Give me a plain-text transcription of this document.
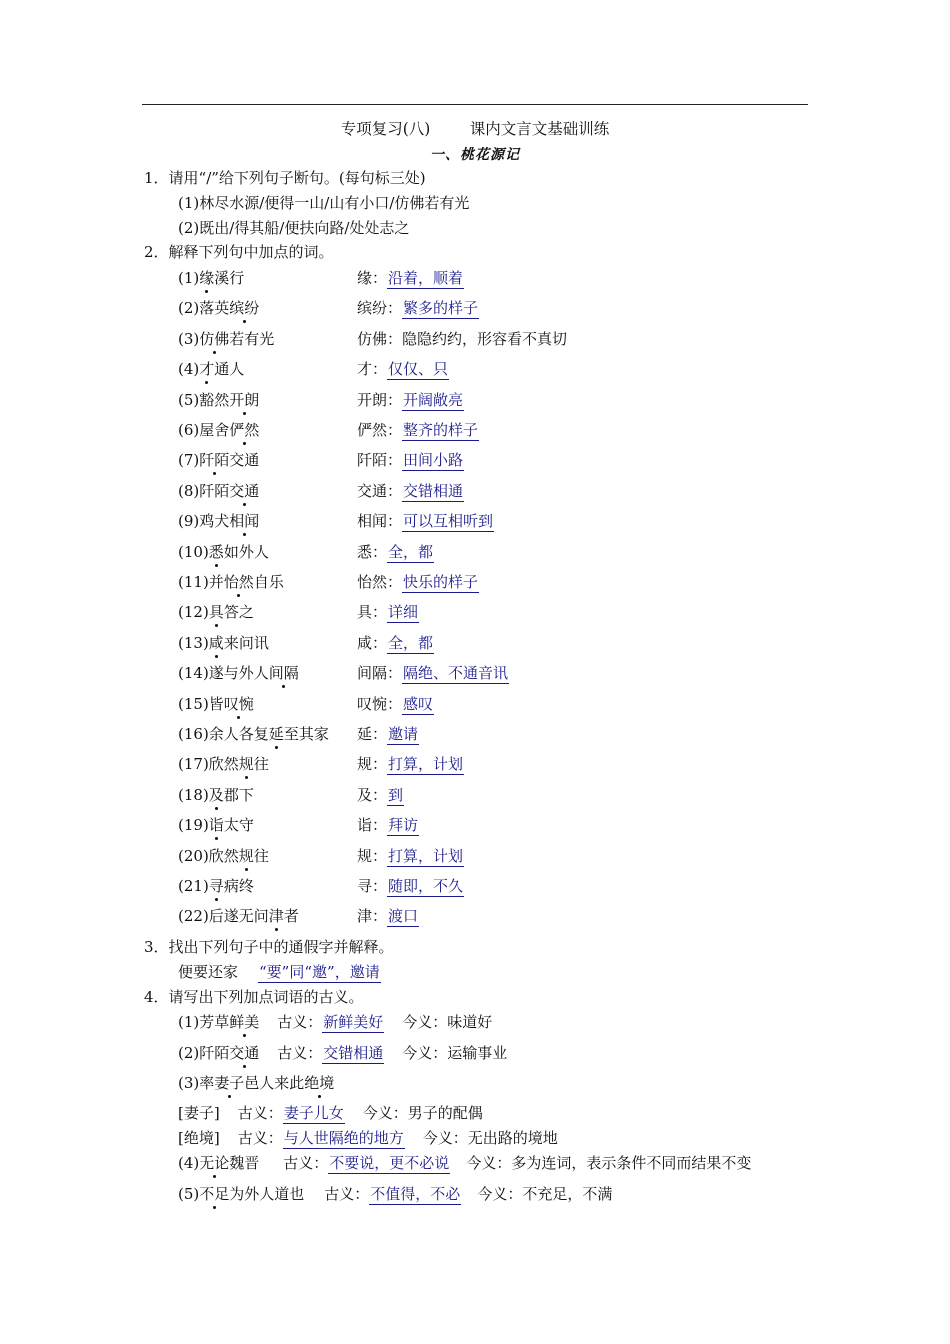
专项复习(八)        课内文言文基础训练
一、桃花源记
1．请用“/”给下列句子断句。(每句标三处)
(1)林尽水源/便得一山/山有小口/仿佛若有光
(2)既出/得其船/便扶向路/处处志之
2．解释下列句中加点的词。
(1)缘溪行	缘：沿着，顺着
(2)落英缤纷	缤纷：繁多的样子
(3)仿佛若有光	仿佛：隐隐约约，形容看不真切
(4)才通人	才：仅仅、只
(5)豁然开朗	开朗：开阔敞亮
(6)屋舍俨然	俨然：整齐的样子
(7)阡陌交通	阡陌：田间小路
(8)阡陌交通	交通：交错相通
(9)鸡犬相闻	相闻：可以互相听到
(10)悉如外人	悉：全，都
(11)并怡然自乐	怡然：快乐的样子
(12)具答之	具：详细
(13)咸来问讯	咸：全，都
(14)遂与外人间隔	间隔：隔绝、不通音讯
(15)皆叹惋	叹惋：感叹
(16)余人各复延至其家 延：邀请
(17)欣然规往	规：打算，计划
(18)及郡下	及：到
(19)诣太守	诣：拜访
(20)欣然规往	规：打算，计划
(21)寻病终	寻：随即，不久
(22)后遂无问津者	津：渡口
3．找出下列句子中的通假字并解释。
便要还家 “要”同“邀”，邀请
4．请写出下列加点词语的古义。
(1)芳草鲜美 古义：新鲜美好 今义：味道好
(2)阡陌交通 古义：交错相通 今义：运输事业
(3)率妻子邑人来此绝境
[妻子] 古义：妻子儿女 今义：男子的配偶
[绝境] 古义：与人世隔绝的地方 今义：无出路的境地
(4)无论魏晋 古义：不要说，更不必说 今义：多为连词，表示条件不同而结果不变
(5)不足为外人道也 古义：不值得，不必 今义：不充足，不满
